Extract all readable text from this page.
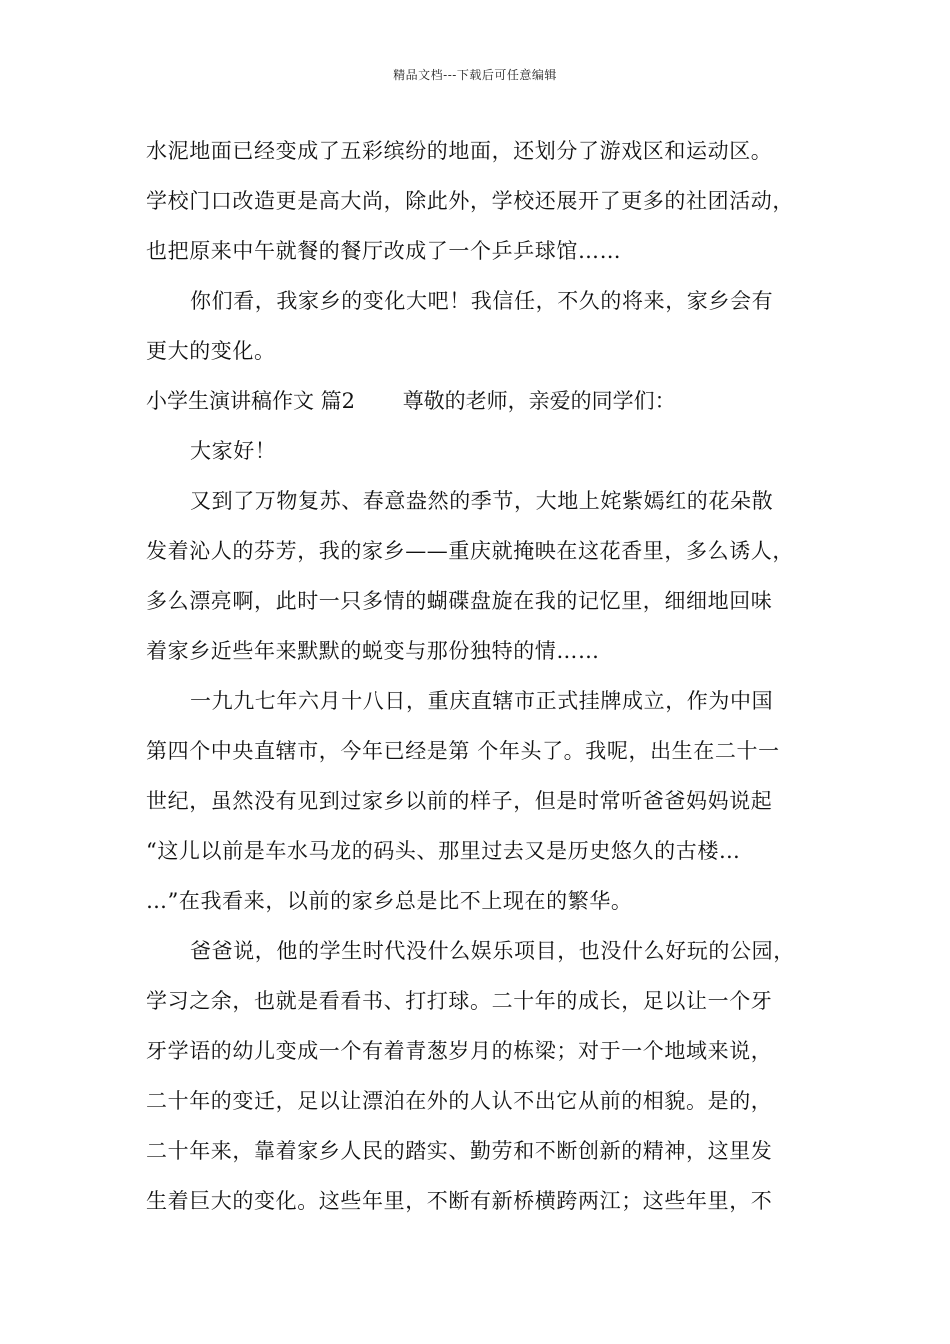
精品文档---下载后可任意编辑
水泥地面已经变成了五彩缤纷的地面，还划分了游戏区和运动区。
学校门口改造更是高大尚，除此外，学校还展开了更多的社团活动，
也把原来中午就餐的餐厅改成了一个乒乒球馆……
你们看，我家乡的变化大吧！我信任，不久的将来，家乡会有
更大的变化。
小学生演讲稿作文 篇2 尊敬的老师，亲爱的同学们：
大家好！
又到了万物复苏、春意盎然的季节，大地上姹紫嫣红的花朵散
发着沁人的芬芳，我的家乡——重庆就掩映在这花香里，多么诱人，
多么漂亮啊，此时一只多情的蝴碟盘旋在我的记忆里，细细地回味
着家乡近些年来默默的蜕变与那份独特的情……
一九九七年六月十八日，重庆直辖市正式挂牌成立，作为中国
第四个中央直辖市，今年已经是第 个年头了。我呢，出生在二十一
世纪，虽然没有见到过家乡以前的样子，但是时常听爸爸妈妈说起
“这儿以前是车水马龙的码头、那里过去又是历史悠久的古楼…
…”在我看来，以前的家乡总是比不上现在的繁华。
爸爸说，他的学生时代没什么娱乐项目，也没什么好玩的公园，
学习之余，也就是看看书、打打球。二十年的成长，足以让一个牙
牙学语的幼儿变成一个有着青葱岁月的栋梁；对于一个地域来说，
二十年的变迁，足以让漂泊在外的人认不出它从前的相貌。是的，
二十年来，靠着家乡人民的踏实、勤劳和不断创新的精神，这里发
生着巨大的变化。这些年里，不断有新桥横跨两江；这些年里，不
